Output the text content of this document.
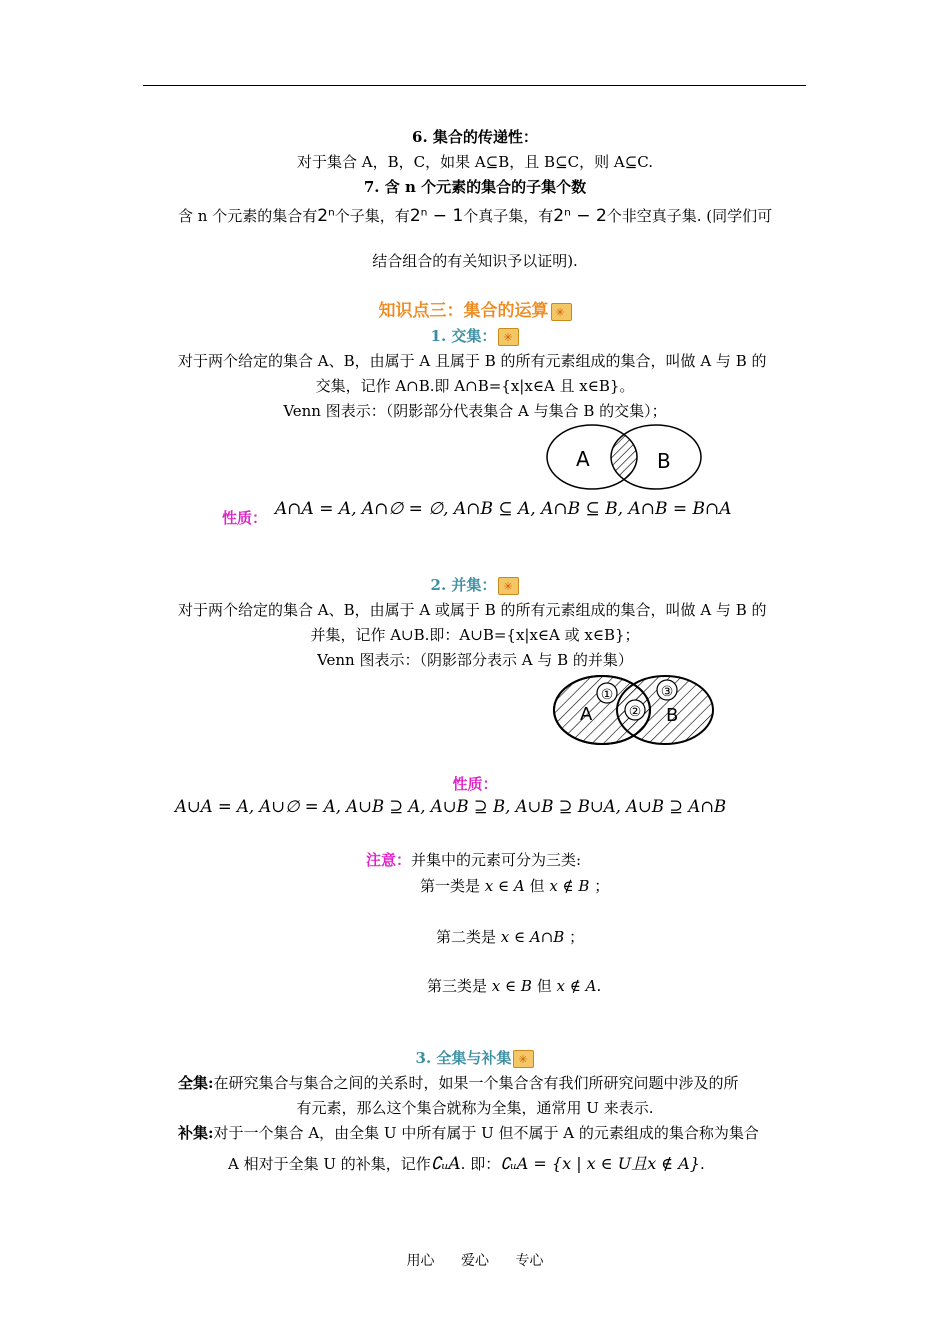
6. 集合的传递性：
对于集合 A，B，C，如果 A⊆B，且 B⊆C，则 A⊆C.
7. 含 n 个元素的集合的子集个数
含 n 个元素的集合有2ⁿ个子集，有2ⁿ − 1个真子集，有2ⁿ − 2个非空真子集. (同学们可
结合组合的有关知识予以证明).
知识点三：集合的运算✳
1. 交集：✳
对于两个给定的集合 A、B，由属于 A 且属于 B 的所有元素组成的集合，叫做 A 与 B 的
交集，记作 A∩B.即 A∩B={x|x∈A 且 x∈B}。
Venn 图表示：（阴影部分代表集合 A 与集合 B 的交集）；
A	B
性质： A∩A = A, A∩∅ = ∅, A∩B ⊆ A, A∩B ⊆ B, A∩B = B∩A
2. 并集：✳
对于两个给定的集合 A、B，由属于 A 或属于 B 的所有元素组成的集合，叫做 A 与 B 的
并集，记作 A∪B.即：A∪B={x|x∈A 或 x∈B}；
Venn 图表示：（阴影部分表示 A 与 B 的并集）
A	B
①
②
③
性质：
A∪A = A, A∪∅ = A, A∪B ⊇ A, A∪B ⊇ B, A∪B ⊇ B∪A, A∪B ⊇ A∩B
注意：并集中的元素可分为三类:
第一类是 x ∈ A 但 x ∉ B ；
第二类是 x ∈ A∩B ；
第三类是 x ∈ B 但 x ∉ A.
3. 全集与补集✳
全集:在研究集合与集合之间的关系时，如果一个集合含有我们所研究问题中涉及的所
有元素，那么这个集合就称为全集，通常用 U 来表示.
补集:对于一个集合 A，由全集 U 中所有属于 U 但不属于 A 的元素组成的集合称为集合
A 相对于全集 U 的补集，记作∁ᵤA. 即：∁ᵤA = {x | x ∈ U且x ∉ A}.
用心 爱心 专心
